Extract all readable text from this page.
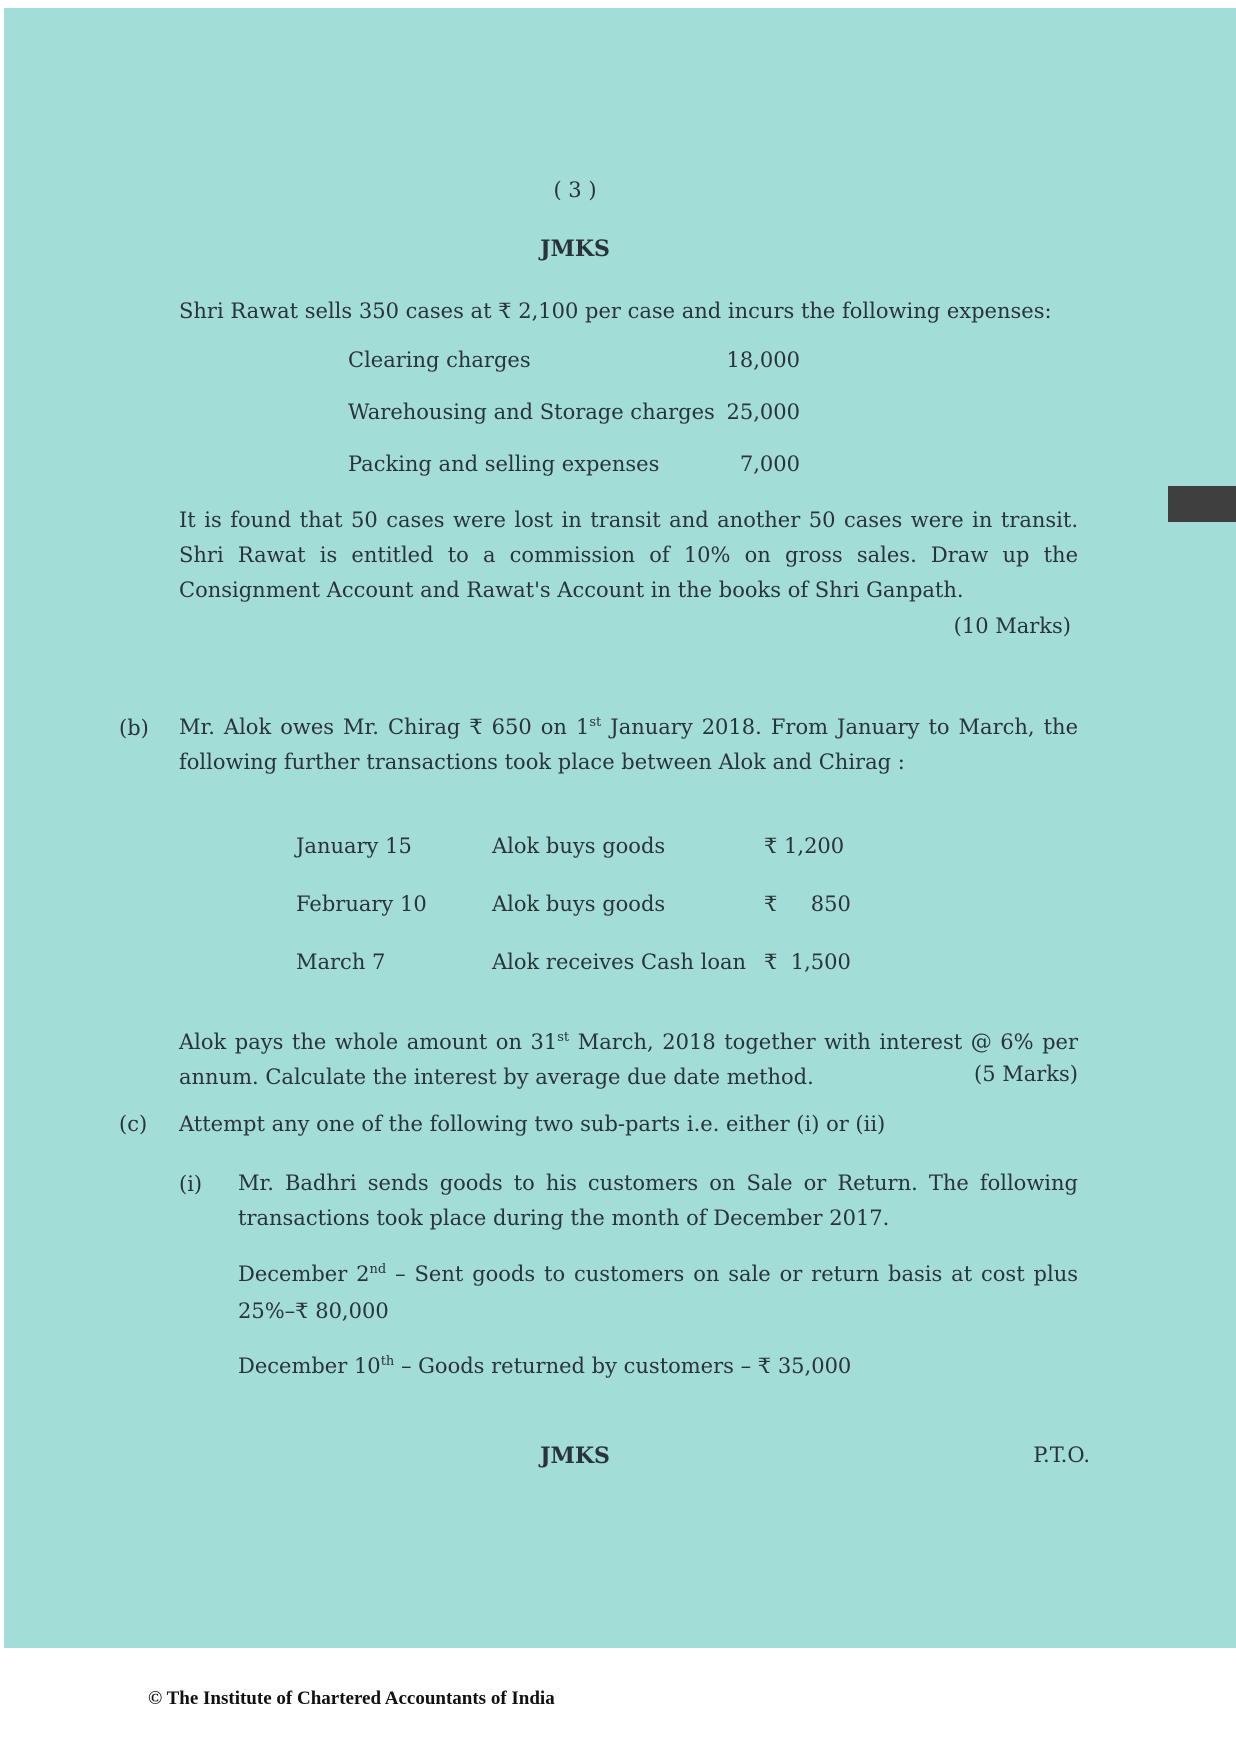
( 3 )
JMKS
Shri Rawat sells 350 cases at ₹ 2,100 per case and incurs the following expenses:
Clearing charges	18,000
Warehousing and Storage charges 25,000
Packing and selling expenses	7,000
It is found that 50 cases were lost in transit and another 50 cases were in transit.
Shri Rawat is entitled to a commission of 10% on gross sales. Draw up the
Consignment Account and Rawat's Account in the books of Shri Ganpath.
(10 Marks)
(b) Mr. Alok owes Mr. Chirag ₹ 650 on 1st January 2018. From January to March, the
following further transactions took place between Alok and Chirag :
January 15	Alok buys goods	₹ 1,200
February 10	Alok buys goods	₹     850
March 7	Alok receives Cash loan ₹  1,500
Alok pays the whole amount on 31st March, 2018 together with interest @ 6% per
annum. Calculate the interest by average due date method.	(5 Marks)
(c) Attempt any one of the following two sub-parts i.e. either (i) or (ii)
(i) Mr. Badhri sends goods to his customers on Sale or Return. The following
transactions took place during the month of December 2017.
December 2nd – Sent goods to customers on sale or return basis at cost plus
25%–₹ 80,000
December 10th – Goods returned by customers – ₹ 35,000
JMKS	P.T.O.
© The Institute of Chartered Accountants of India
